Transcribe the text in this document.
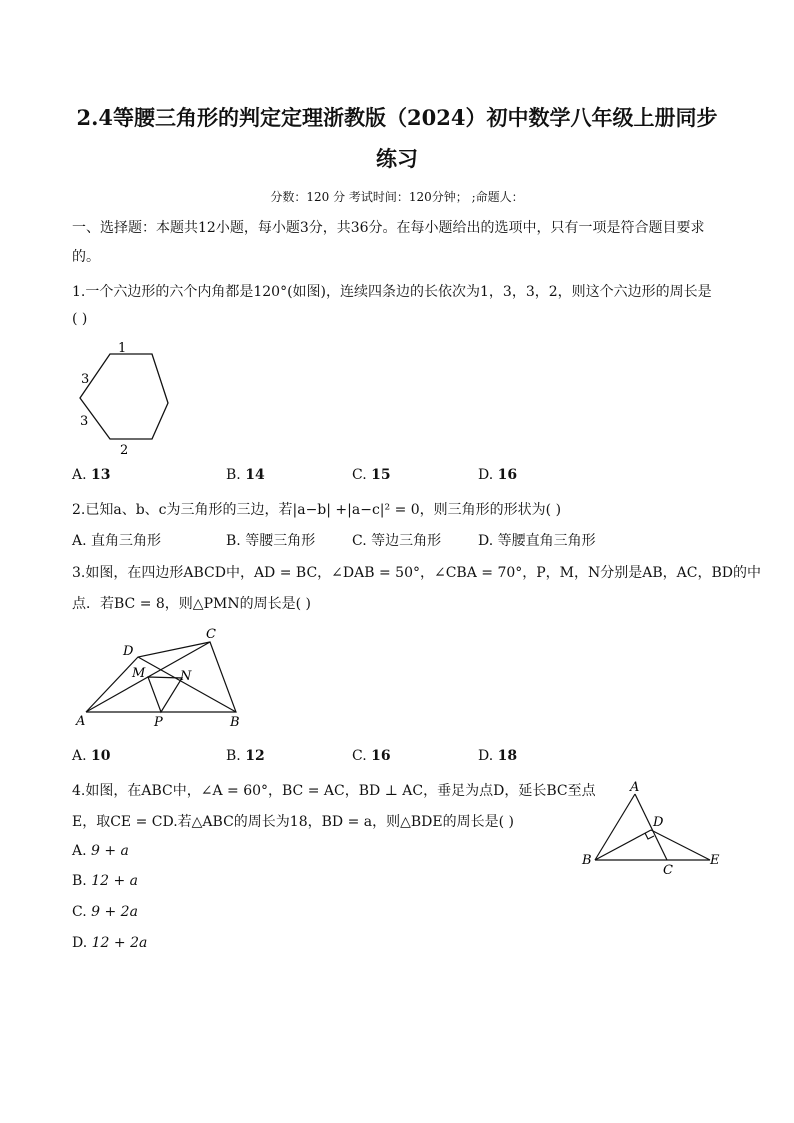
2.4等腰三角形的判定定理浙教版（2024）初中数学八年级上册同步
练习
分数：120 分 考试时间：120分钟； ;命题人：
一、选择题：本题共12小题，每小题3分，共36分。在每小题给出的选项中，只有一项是符合题目要求
的。
1.一个六边形的六个内角都是120°(如图)，连续四条边的长依次为1，3，3，2，则这个六边形的周长是
( )
1
3
3
2
A. 13	B. 14	C. 15	D. 16
2.已知a、b、c为三角形的三边，若|a−b| +|a−c|² = 0，则三角形的形状为( )
A. 直角三角形	B. 等腰三角形	C. 等边三角形	D. 等腰直角三角形
3.如图，在四边形ABCD中，AD = BC，∠DAB = 50°，∠CBA = 70°，P，M，N分别是AB，AC，BD的中
点．若BC = 8，则△PMN的周长是( )
A	B
C
D
M	N
P
A. 10	B. 12	C. 16	D. 18
4.如图，在ABC中，∠A = 60°，BC = AC，BD ⊥ AC，垂足为点D，延长BC至点
E，取CE = CD.若△ABC的周长为18，BD = a，则△BDE的周长是( )
A
B
C
D
E
A. 9 + a
B. 12 + a
C. 9 + 2a
D. 12 + 2a
